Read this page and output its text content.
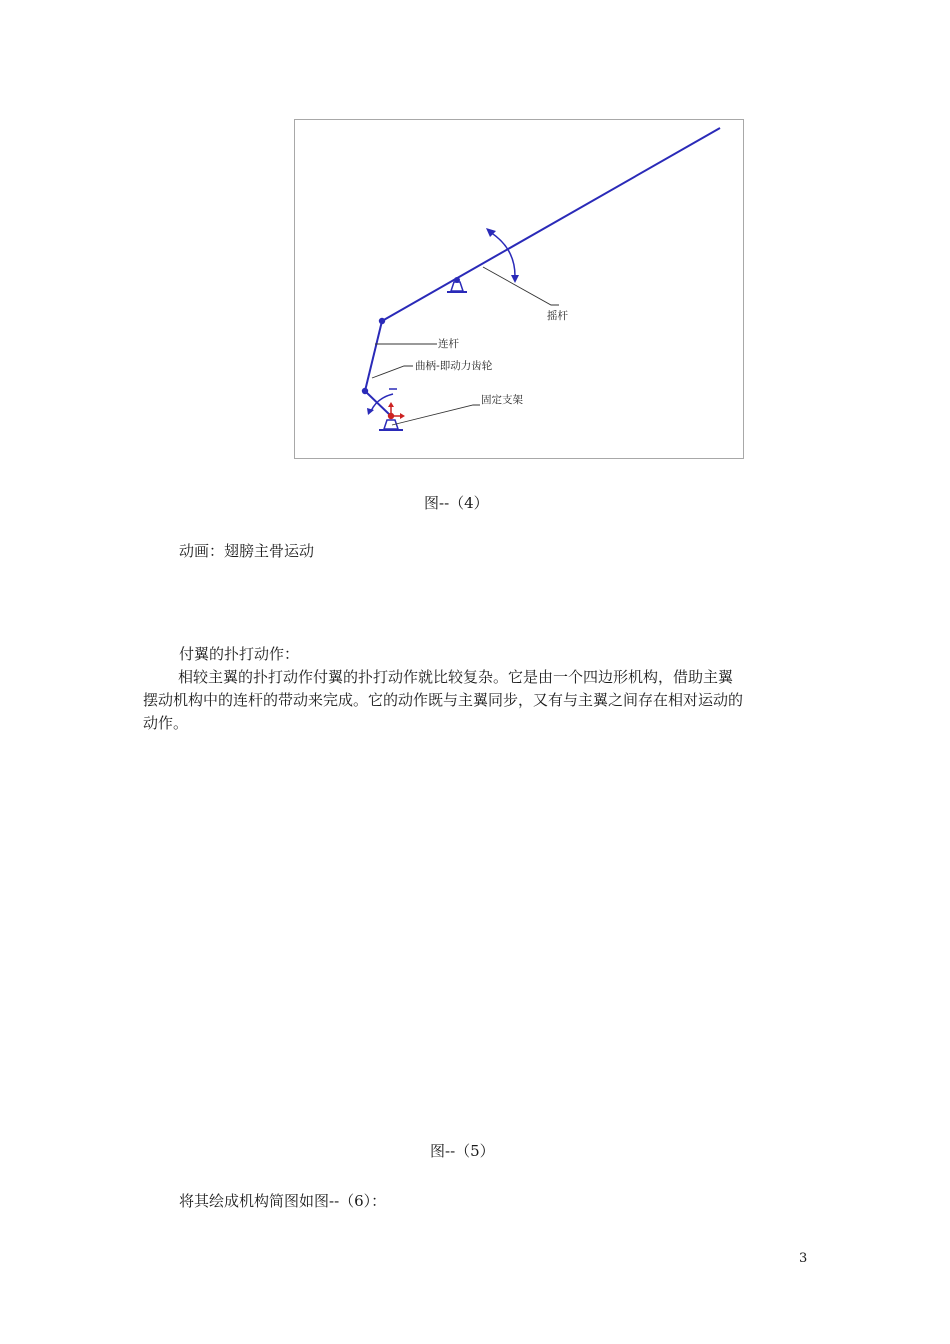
摇杆
连杆
曲柄-即动力齿轮
固定支架
图--（4）
动画：翅膀主骨运动
付翼的扑打动作：
相较主翼的扑打动作付翼的扑打动作就比较复杂。它是由一个四边形机构，借助主翼
摆动机构中的连杆的带动来完成。它的动作既与主翼同步，又有与主翼之间存在相对运动的
动作。
图--（5）
将其绘成机构简图如图--（6）：
3
